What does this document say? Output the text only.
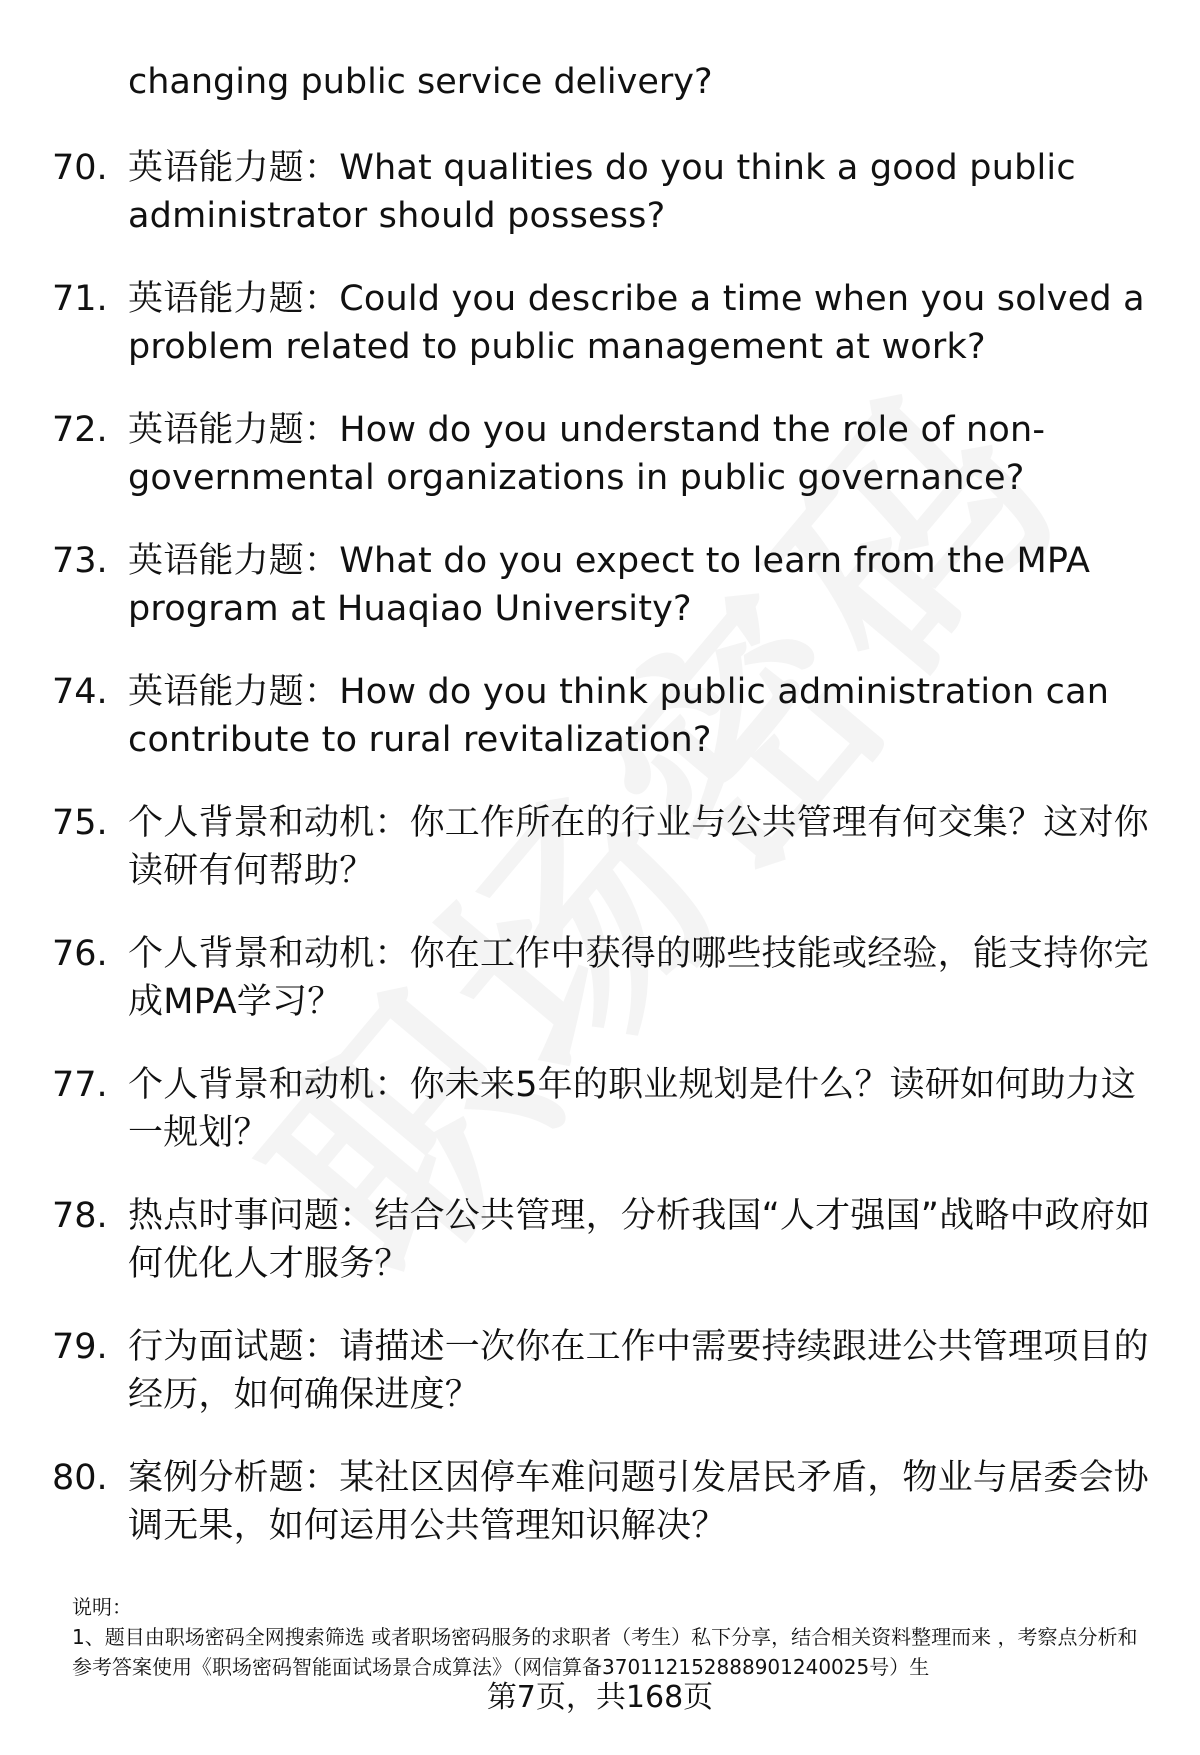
changing public service delivery?
70. 英语能力题：What qualities do you think a good public administrator should possess?
71. 英语能力题：Could you describe a time when you solved a problem related to public management at work?
72. 英语能力题：How do you understand the role of non-governmental organizations in public governance?
73. 英语能力题：What do you expect to learn from the MPA program at Huaqiao University?
74. 英语能力题：How do you think public administration can contribute to rural revitalization?
75. 个人背景和动机：你工作所在的行业与公共管理有何交集？这对你读研有何帮助？
76. 个人背景和动机：你在工作中获得的哪些技能或经验，能支持你完成MPA学习？
77. 个人背景和动机：你未来5年的职业规划是什么？读研如何助力这一规划？
78. 热点时事问题：结合公共管理，分析我国“人才强国”战略中政府如何优化人才服务？
79. 行为面试题：请描述一次你在工作中需要持续跟进公共管理项目的经历，如何确保进度？
80. 案例分析题：某社区因停车难问题引发居民矛盾，物业与居委会协调无果，如何运用公共管理知识解决？
说明：
1、题目由职场密码全网搜索筛选 或者职场密码服务的求职者（考生）私下分享，结合相关资料整理而来 ，考察点分析和参考答案使用《职场密码智能面试场景合成算法》（网信算备370112152888901240025号）生
第7页，共168页
